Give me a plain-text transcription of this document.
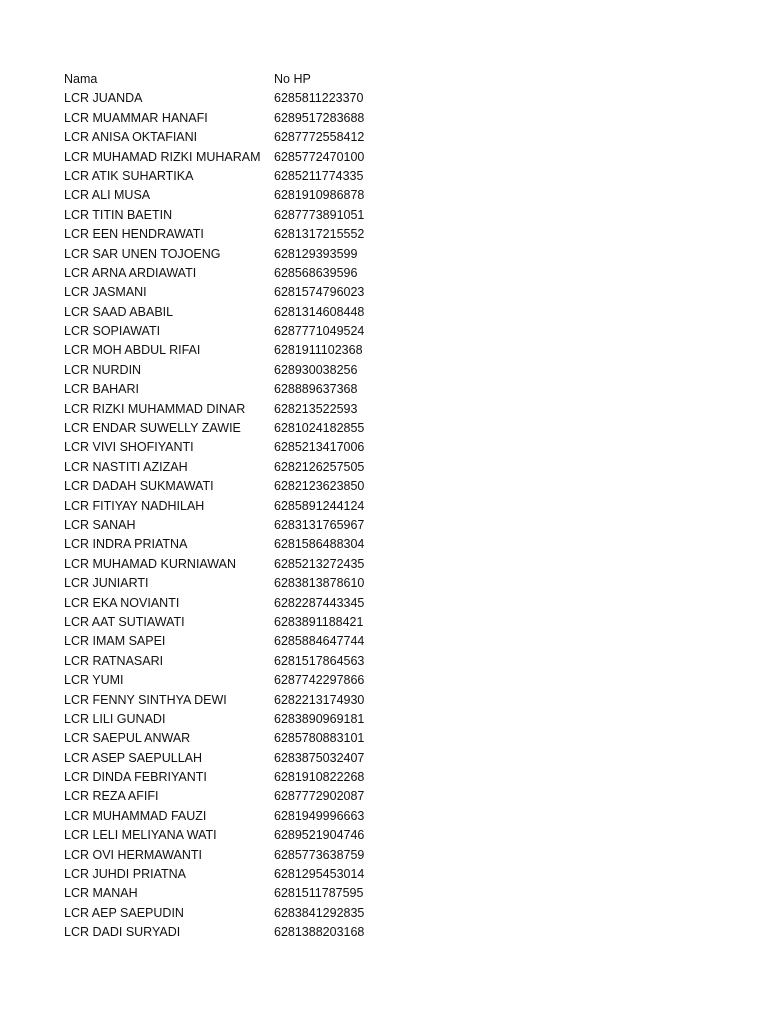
Nama	No HP
LCR JUANDA	6285811223370
LCR MUAMMAR HANAFI	6289517283688
LCR ANISA OKTAFIANI	6287772558412
LCR MUHAMAD RIZKI MUHARAM	6285772470100
LCR ATIK SUHARTIKA	6285211774335
LCR ALI MUSA	6281910986878
LCR TITIN BAETIN	6287773891051
LCR EEN HENDRAWATI	6281317215552
LCR SAR UNEN TOJOENG	628129393599
LCR ARNA ARDIAWATI	628568639596
LCR JASMANI	6281574796023
LCR SAAD ABABIL	6281314608448
LCR SOPIAWATI	6287771049524
LCR MOH ABDUL RIFAI	6281911102368
LCR NURDIN	628930038256
LCR BAHARI	628889637368
LCR RIZKI MUHAMMAD DINAR	628213522593
LCR ENDAR SUWELLY ZAWIE	6281024182855
LCR VIVI SHOFIYANTI	6285213417006
LCR NASTITI AZIZAH	6282126257505
LCR DADAH SUKMAWATI	6282123623850
LCR FITIYAY NADHILAH	6285891244124
LCR SANAH	6283131765967
LCR INDRA PRIATNA	6281586488304
LCR MUHAMAD KURNIAWAN	6285213272435
LCR JUNIARTI	6283813878610
LCR EKA NOVIANTI	6282287443345
LCR AAT SUTIAWATI	6283891188421
LCR IMAM SAPEI	6285884647744
LCR RATNASARI	6281517864563
LCR YUMI	6287742297866
LCR FENNY SINTHYA DEWI	6282213174930
LCR LILI GUNADI	6283890969181
LCR SAEPUL ANWAR	6285780883101
LCR ASEP SAEPULLAH	6283875032407
LCR DINDA FEBRIYANTI	6281910822268
LCR REZA AFIFI	6287772902087
LCR MUHAMMAD FAUZI	6281949996663
LCR LELI MELIYANA WATI	6289521904746
LCR OVI HERMAWANTI	6285773638759
LCR JUHDI PRIATNA	6281295453014
LCR MANAH	6281511787595
LCR AEP SAEPUDIN	6283841292835
LCR DADI SURYADI	6281388203168
